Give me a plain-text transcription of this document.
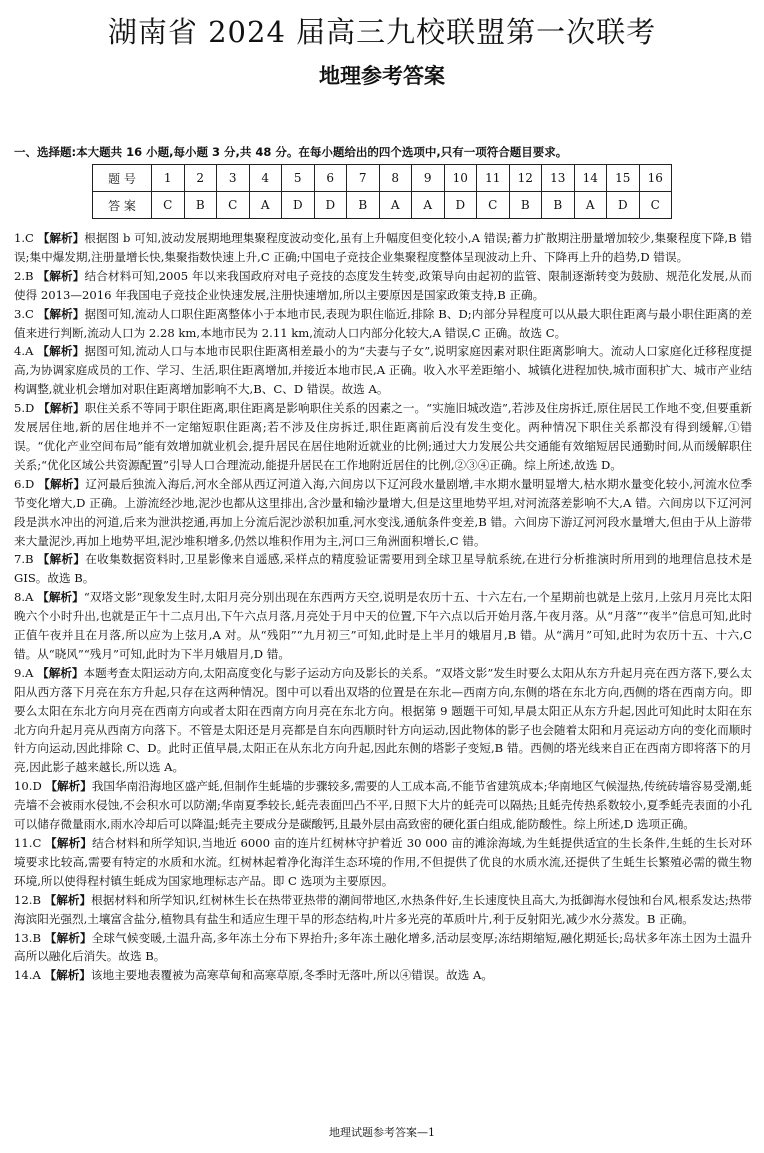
湖南省 2024 届高三九校联盟第一次联考
地理参考答案
一、选择题:本大题共 16 小题,每小题 3 分,共 48 分。在每小题给出的四个选项中,只有一项符合题目要求。
题 号	1	2	3	4	5	6	7	8	9	10	11	12	13	14	15	16
答 案	C	B	C	A	D	D	B	A	A	D	C	B	B	A	D	C

1.C 【解析】根据图 b 可知,波动发展期地理集聚程度波动变化,虽有上升幅度但变化较小,A 错误;蓄力扩散期注册量增加较少,集聚程度下降,B 错误;集中爆发期,注册量增长快,集聚指数快速上升,C 正确;中国电子竞技企业集聚程度整体呈现波动上升、下降再上升的趋势,D 错误。

2.B 【解析】结合材料可知,2005 年以来我国政府对电子竞技的态度发生转变,政策导向由起初的监管、限制逐渐转变为鼓励、规范化发展,从而使得 2013—2016 年我国电子竞技企业快速发展,注册快速增加,所以主要原因是国家政策支持,B 正确。

3.C 【解析】据图可知,流动人口职住距离整体小于本地市民,表现为职住临近,排除 B、D;内部分异程度可以从最大职住距离与最小职住距离的差值来进行判断,流动人口为 2.28 km,本地市民为 2.11 km,流动人口内部分化较大,A 错误,C 正确。故选 C。

4.A 【解析】据图可知,流动人口与本地市民职住距离相差最小的为“夫妻与子女”,说明家庭因素对职住距离影响大。流动人口家庭化迁移程度提高,为协调家庭成员的工作、学习、生活,职住距离增加,并接近本地市民,A 正确。收入水平差距缩小、城镇化进程加快,城市面积扩大、城市产业结构调整,就业机会增加对职住距离增加影响不大,B、C、D 错误。故选 A。

5.D 【解析】职住关系不等同于职住距离,职住距离是影响职住关系的因素之一。“实施旧城改造”,若涉及住房拆迁,原住居民工作地不变,但要重新发展居住地,新的居住地并不一定缩短职住距离;若不涉及住房拆迁,职住距离前后没有发生变化。两种情况下职住关系都没有得到缓解,①错误。“优化产业空间布局”能有效增加就业机会,提升居民在居住地附近就业的比例;通过大力发展公共交通能有效缩短居民通勤时间,从而缓解职住关系;“优化区域公共资源配置”引导人口合理流动,能提升居民在工作地附近居住的比例,②③④正确。综上所述,故选 D。

6.D 【解析】辽河最后独流入海后,河水全部从西辽河道入海,六间房以下辽河段水量剧增,丰水期水量明显增大,枯水期水量变化较小,河流水位季节变化增大,D 正确。上游流经沙地,泥沙也都从这里排出,含沙量和输沙量增大,但是这里地势平坦,对河流落差影响不大,A 错。六间房以下辽河河段是洪水冲出的河道,后来为泄洪挖通,再加上分流后泥沙淤积加重,河水变浅,通航条件变差,B 错。六间房下游辽河河段水量增大,但由于从上游带来大量泥沙,再加上地势平坦,泥沙堆积增多,仍然以堆积作用为主,河口三角洲面积增长,C 错。

7.B 【解析】在收集数据资料时,卫星影像来自遥感,采样点的精度验证需要用到全球卫星导航系统,在进行分析推演时所用到的地理信息技术是 GIS。故选 B。

8.A 【解析】“双塔文影”现象发生时,太阳月亮分别出现在东西两方天空,说明是农历十五、十六左右,一个星期前也就是上弦月,上弦月月亮比太阳晚六个小时升出,也就是正午十二点月出,下午六点月落,月亮处于月中天的位置,下午六点以后开始月落,午夜月落。从“月落”“夜半”信息可知,此时正值午夜并且在月落,所以应为上弦月,A 对。从“残阳”“九月初三”可知,此时是上半月的娥眉月,B 错。从“满月”可知,此时为农历十五、十六,C 错。从“晓风”“残月”可知,此时为下半月娥眉月,D 错。

9.A 【解析】本题考查太阳运动方向,太阳高度变化与影子运动方向及影长的关系。“双塔文影”发生时要么太阳从东方升起月亮在西方落下,要么太阳从西方落下月亮在东方升起,只存在这两种情况。图中可以看出双塔的位置是在东北—西南方向,东侧的塔在东北方向,西侧的塔在西南方向。即要么太阳在东北方向月亮在西南方向或者太阳在西南方向月亮在东北方向。根据第 9 题题干可知,早晨太阳正从东方升起,因此可知此时太阳在东北方向升起月亮从西南方向落下。不管是太阳还是月亮都是自东向西顺时针方向运动,因此物体的影子也会随着太阳和月亮运动方向的变化而顺时针方向运动,因此排除 C、D。此时正值早晨,太阳正在从东北方向升起,因此东侧的塔影子变短,B 错。西侧的塔光线来自正在西南方即将落下的月亮,因此影子越来越长,所以选 A。

10.D 【解析】我国华南沿海地区盛产蚝,但制作生蚝墙的步骤较多,需要的人工成本高,不能节省建筑成本;华南地区气候湿热,传统砖墙容易受潮,蚝壳墙不会被雨水侵蚀,不会积水可以防潮;华南夏季较长,蚝壳表面凹凸不平,日照下大片的蚝壳可以隔热;且蚝壳传热系数较小,夏季蚝壳表面的小孔可以储存微量雨水,雨水冷却后可以降温;蚝壳主要成分是碳酸钙,且最外层由高致密的硬化蛋白组成,能防酸性。综上所述,D 选项正确。

11.C 【解析】结合材料和所学知识,当地近 6000 亩的连片红树林守护着近 30 000 亩的滩涂海域,为生蚝提供适宜的生长条件,生蚝的生长对环境要求比较高,需要有特定的水质和水流。红树林起着净化海洋生态环境的作用,不但提供了优良的水质水流,还提供了生蚝生长繁殖必需的微生物环境,所以使得程村镇生蚝成为国家地理标志产品。即 C 选项为主要原因。

12.B 【解析】根据材料和所学知识,红树林生长在热带亚热带的潮间带地区,水热条件好,生长速度快且高大,为抵御海水侵蚀和台风,根系发达;热带海滨阳光强烈,土壤富含盐分,植物具有盐生和适应生理干旱的形态结构,叶片多光亮的革质叶片,利于反射阳光,减少水分蒸发。B 正确。

13.B 【解析】全球气候变暖,土温升高,多年冻土分布下界抬升;多年冻土融化增多,活动层变厚;冻结期缩短,融化期延长;岛状多年冻土因为土温升高所以融化后消失。故选 B。

14.A 【解析】该地主要地表覆被为高寒草甸和高寒草原,冬季时无落叶,所以④错误。故选 A。

地理试题参考答案—1
